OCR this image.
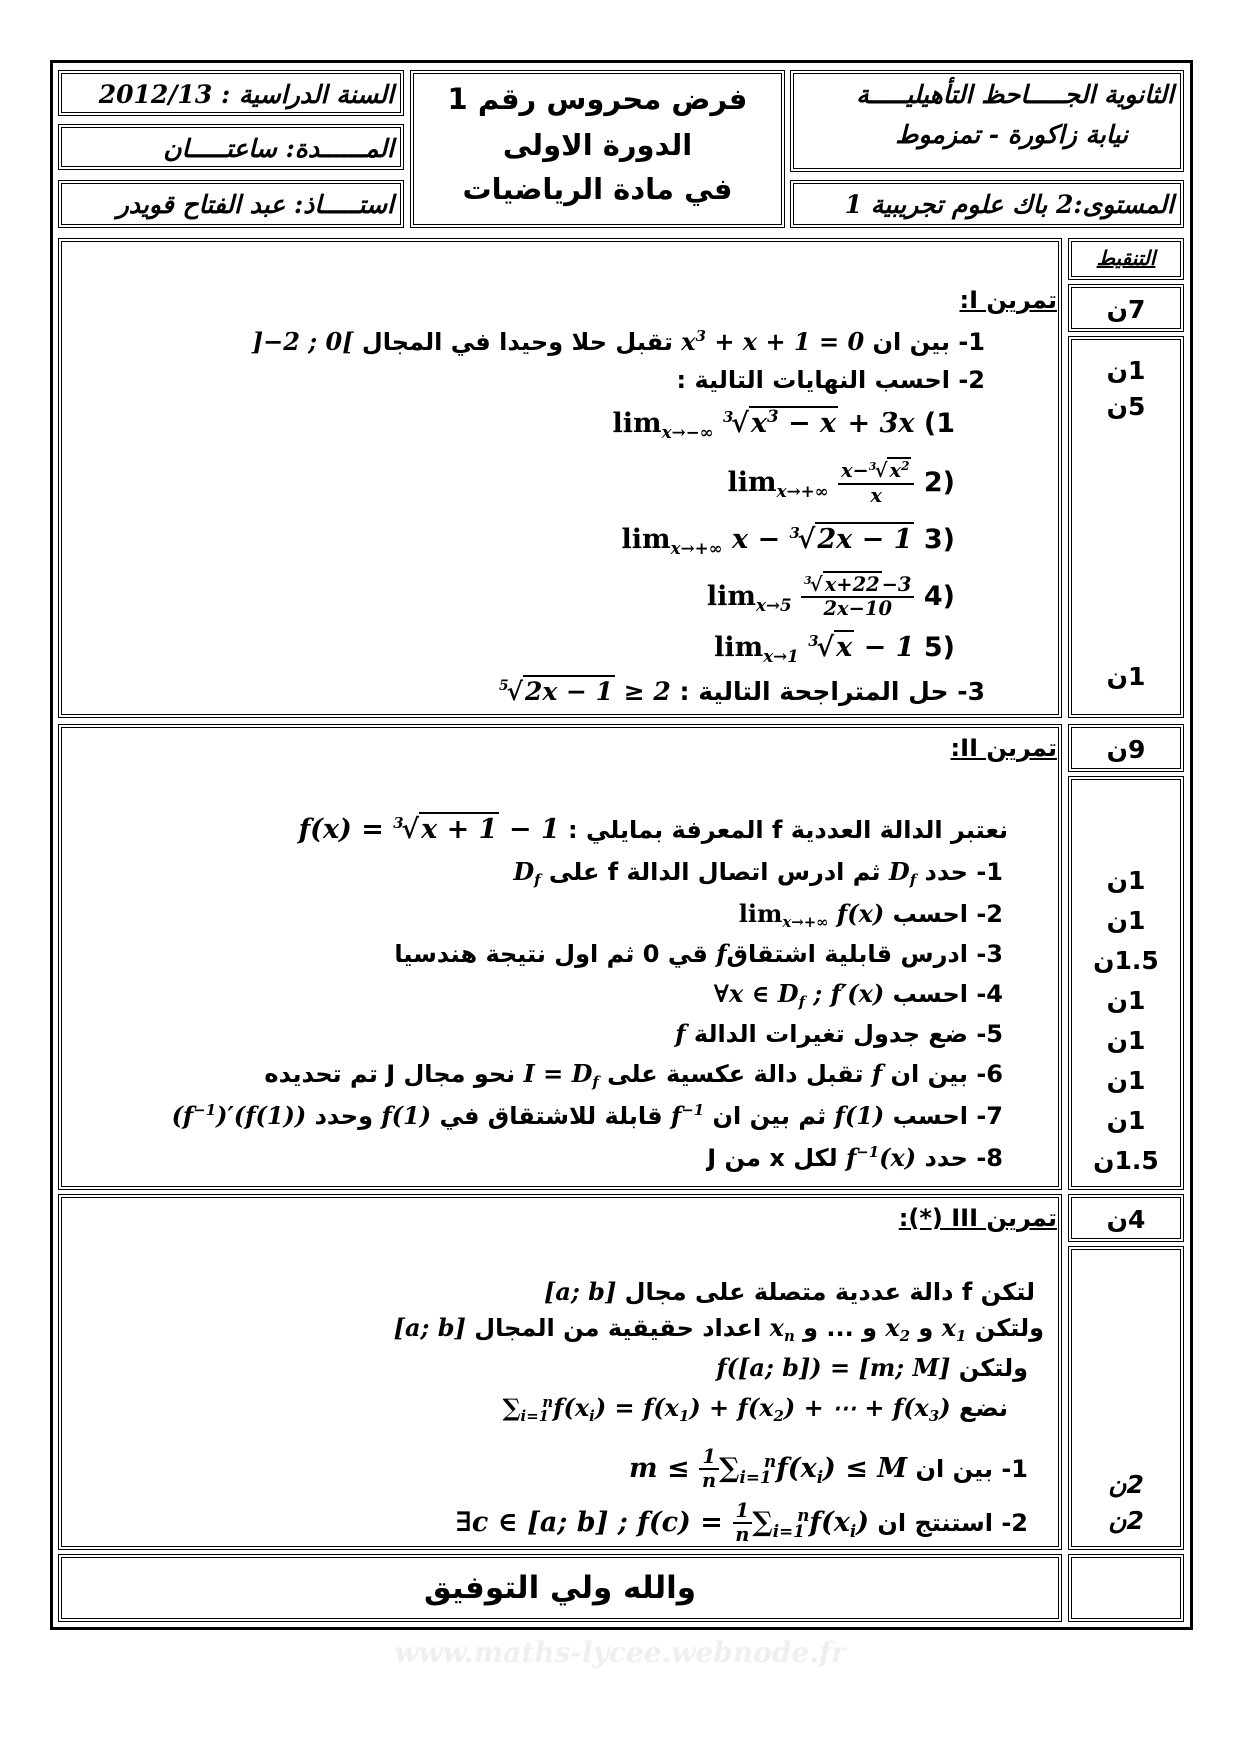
الثانوية الجـــــاحظ التأهيليـــــة
نيابة زاكورة - تمزموط
المستوى:2 باك علوم تجريبية 1
فرض محروس رقم 1
الدورة الاولى
في مادة الرياضيات
السنة الدراسية : 2012/13
المــــــدة: ساعتـــــان
استـــــاذ: عبد الفتاح قويدر
التنقيط
7ن
1ن
5ن
1ن
تمرين I:
1- بين ان $x^3 + x + 1 = 0$ تقبل حلا وحيدا في المجال ]−2 ; 0[
2- احسب النهايات التالية :
1) $\lim_{x\to-\infty} ^3√x^3 - x + 3x$
(2 $\lim_{x\to+\infty} \frac{x-^3√ x^2}{x}$
(3 $\lim_{x\to+\infty} x - ^3√2x - 1$
(4 $\lim_{x\to 5} \frac{^3√ x+22 -3}{2x-10}$
(5 $\lim_{x\to 1} ^3√x - 1$
3- حل المتراجحة التالية : $^5$√2x − 1 ≥ 2
9ن
1ن
1ن
1.5ن
1ن
1ن
1ن
1ن
1.5ن
تمرين II:
نعتبر الدالة العددية f المعرفة بمايلي : f(x) = $^3$√x + 1 − 1
1- حدد $D_f$ ثم ادرس اتصال الدالة f على $D_f$
2- احسب $\lim_{x\to+\infty} f(x)$
3- ادرس قابلية اشتقاقf قي 0 ثم اول نتيجة هندسيا
4- احسب ∀x ∈ $D_f$ ; f′(x)
5- ضع جدول تغيرات الدالة f
6- بين ان f تقبل دالة عكسية على $I = D_f$ نحو مجال J تم تحديده
7- احسب f(1) ثم بين ان $f^{-1}$ قابلة للاشتقاق في f(1) وحدد $(f^{-1})'(f(1))$
8- حدد $f^{-1}(x)$ لكل x من J
4ن
2ن
2ن
تمرين III (*):
لتكن f دالة عددية متصلة على مجال [a; b]
ولتكن $x_1$ و $x_2$ و ... و $x_n$ اعداد حقيقية من المجال [a; b]
ولتكن f([a; b]) = [m; M]
نضع $\sum_{i=1}^nf(x_i) = f(x_1) + f(x_2)$ + ⋯ + $f(x_3)$
1- بين ان $m \le \frac{1}{n} \sum_{i=1}^nf(x_i) \le M$
2- استنتج ان ∃c ∈ [a; b] ; $f(c) = \frac{1}{n} \sum_{i=1}^nf(x_i)$
والله ولي التوفيق
www.maths-lycee.webnode.fr
